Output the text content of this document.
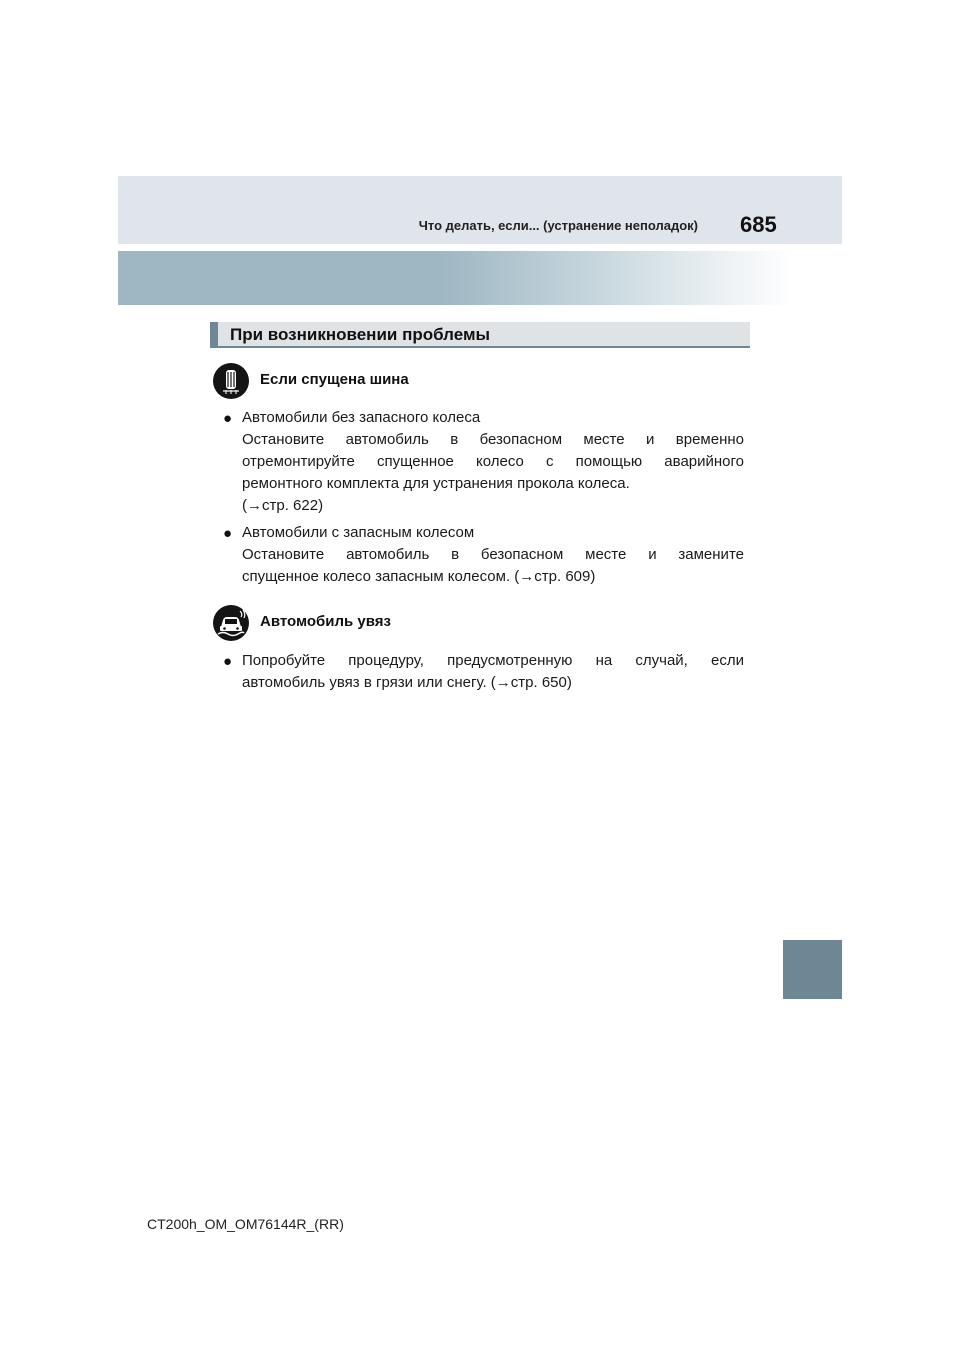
Что делать, если... (устранение неполадок) 685
При возникновении проблемы
Если спущена шина
● Автомобили без запасного колеса
Остановите автомобиль в безопасном месте и временно
отремонтируйте спущенное колесо с помощью аварийного
ремонтного комплекта для устранения прокола колеса.
(→стр. 622)
● Автомобили с запасным колесом
Остановите автомобиль в безопасном месте и замените
спущенное колесо запасным колесом. (→стр. 609)
Автомобиль увяз
● Попробуйте процедуру, предусмотренную на случай, если
автомобиль увяз в грязи или снегу. (→стр. 650)
CT200h_OM_OM76144R_(RR)
